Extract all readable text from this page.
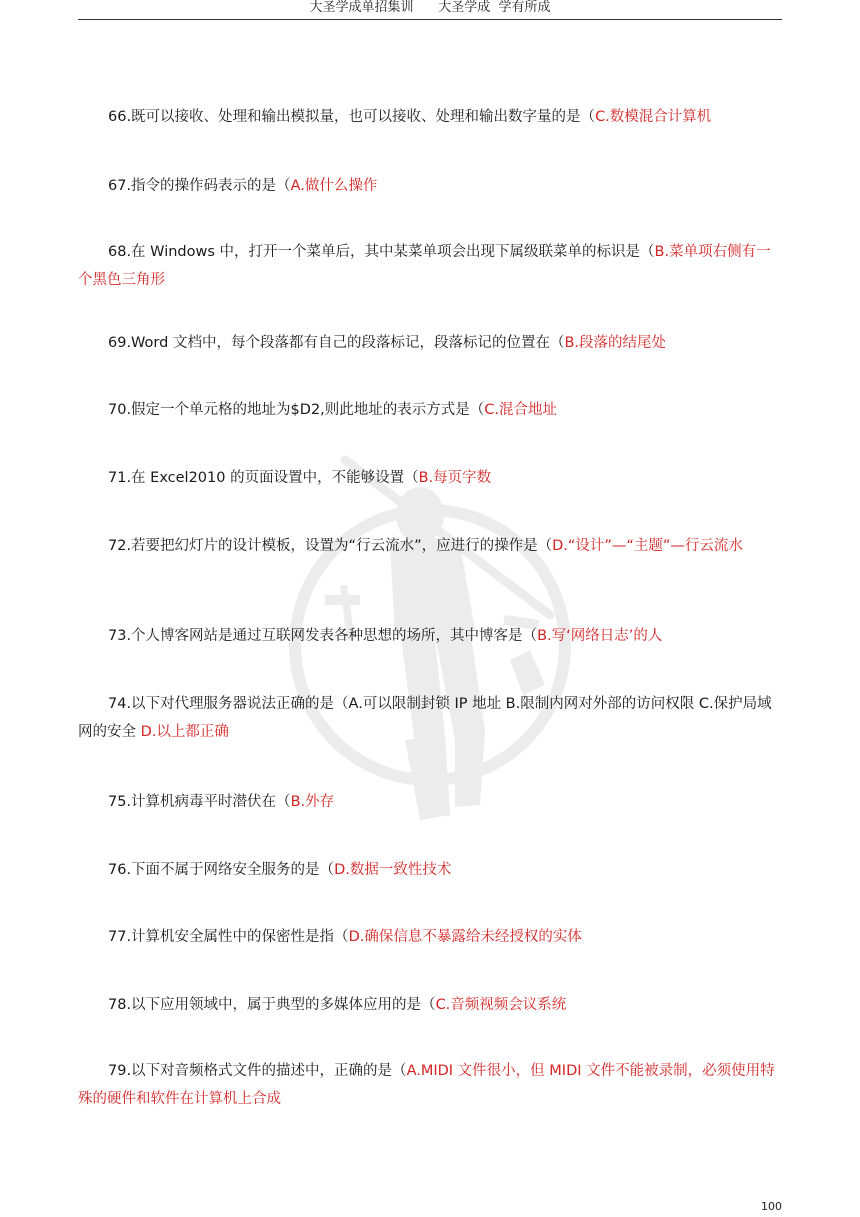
大圣学成单招集训      大圣学成  学有所成
66.既可以接收、处理和输出模拟量，也可以接收、处理和输出数字量的是（C.数模混合计算机
67.指令的操作码表示的是（A.做什么操作
68.在 Windows 中，打开一个菜单后，其中某菜单项会出现下属级联菜单的标识是（B.菜单项右侧有一个黑色三角形
69.Word 文档中，每个段落都有自己的段落标记，段落标记的位置在（B.段落的结尾处
70.假定一个单元格的地址为$D2,则此地址的表示方式是（C.混合地址
71.在 Excel2010 的页面设置中，不能够设置（B.每页字数
72.若要把幻灯片的设计模板，设置为“行云流水”，应进行的操作是（D.“设计”—“主题”—行云流水
73.个人博客网站是通过互联网发表各种思想的场所，其中博客是（B.写‘网络日志’的人
74.以下对代理服务器说法正确的是（A.可以限制封锁 IP 地址 B.限制内网对外部的访问权限 C.保护局域网的安全 D.以上都正确
75.计算机病毒平时潜伏在（B.外存
76.下面不属于网络安全服务的是（D.数据一致性技术
77.计算机安全属性中的保密性是指（D.确保信息不暴露给未经授权的实体
78.以下应用领域中，属于典型的多媒体应用的是（C.音频视频会议系统
79.以下对音频格式文件的描述中，正确的是（A.MIDI 文件很小，但 MIDI 文件不能被录制，必须使用特殊的硬件和软件在计算机上合成
100
